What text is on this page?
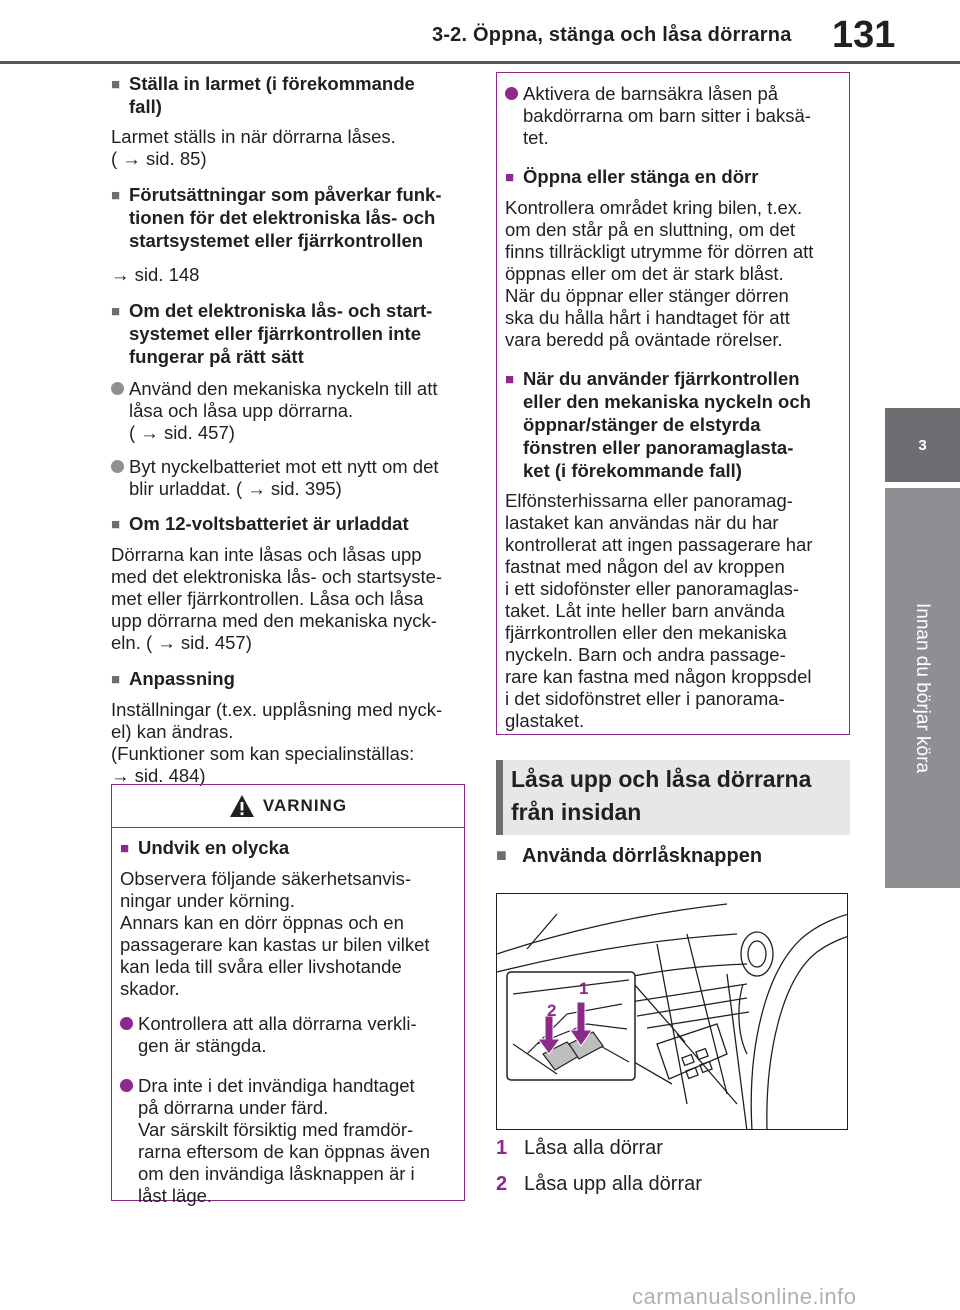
3-2. Öppna, stänga och låsa dörrarna 131
3
Innan du börjar köra
■ Ställa in larmet (i förekommande
fall)
Larmet ställs in när dörrarna låses.
( → sid. 85)
■ Förutsättningar som påverkar funk-
tionen för det elektroniska lås- och
startsystemet eller fjärrkontrollen
→ sid. 148
■ Om det elektroniska lås- och start-
systemet eller fjärrkontrollen inte
fungerar på rätt sätt
Använd den mekaniska nyckeln till att
låsa och låsa upp dörrarna.
( → sid. 457)
Byt nyckelbatteriet mot ett nytt om det
blir urladdat. ( → sid. 395)
■ Om 12-voltsbatteriet är urladdat
Dörrarna kan inte låsas och låsas upp
med det elektroniska lås- och startsyste-
met eller fjärrkontrollen. Låsa och låsa
upp dörrarna med den mekaniska nyck-
eln. ( → sid. 457)
■ Anpassning
Inställningar (t.ex. upplåsning med nyck-
el) kan ändras.
(Funktioner som kan specialinställas:
→ sid. 484)
VARNING
■ Undvik en olycka
Observera följande säkerhetsanvis-
ningar under körning.
Annars kan en dörr öppnas och en
passagerare kan kastas ur bilen vilket
kan leda till svåra eller livshotande
skador.
Kontrollera att alla dörrarna verkli-
gen är stängda.
Dra inte i det invändiga handtaget
på dörrarna under färd.
Var särskilt försiktig med framdör-
rarna eftersom de kan öppnas även
om den invändiga låsknappen är i
låst läge.
Aktivera de barnsäkra låsen på
bakdörrarna om barn sitter i baksä-
tet.
■ Öppna eller stänga en dörr
Kontrollera området kring bilen, t.ex.
om den står på en sluttning, om det
finns tillräckligt utrymme för dörren att
öppnas eller om det är stark blåst.
När du öppnar eller stänger dörren
ska du hålla hårt i handtaget för att
vara beredd på oväntade rörelser.
■ När du använder fjärrkontrollen
eller den mekaniska nyckeln och
öppnar/stänger de elstyrda
fönstren eller panoramaglasta-
ket (i förekommande fall)
Elfönsterhissarna eller panoramag-
lastaket kan användas när du har
kontrollerat att ingen passagerare har
fastnat med någon del av kroppen
i ett sidofönster eller panoramaglas-
taket. Låt inte heller barn använda
fjärrkontrollen eller den mekaniska
nyckeln. Barn och andra passage-
rare kan fastna med någon kroppsdel
i det sidofönstret eller i panorama-
glastaket.
Låsa upp och låsa dörrarna
från insidan
■ Använda dörrlåsknappen
1
2
1 Låsa alla dörrar
2 Låsa upp alla dörrar
carmanualsonline.info
